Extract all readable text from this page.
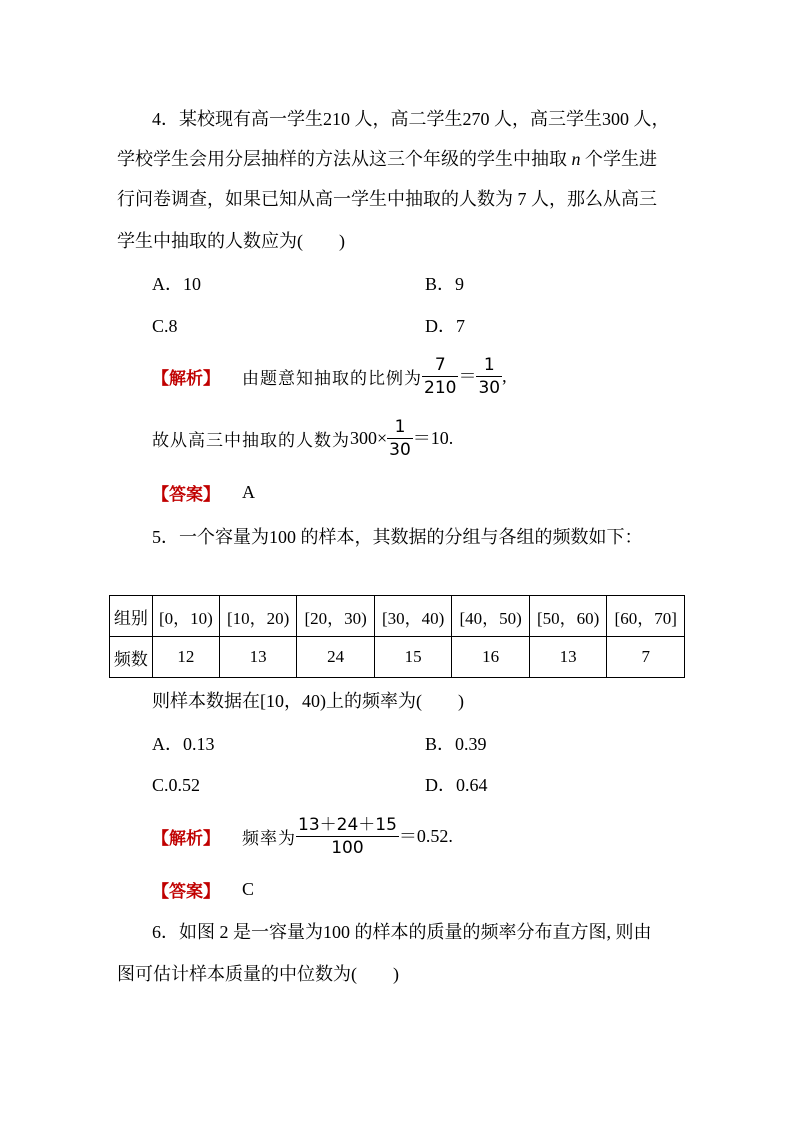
4．某校现有高一学生210 人，高二学生270 人，高三学生300 人，
学校学生会用分层抽样的方法从这三个年级的学生中抽取 n 个学生进
行问卷调查，如果已知从高一学生中抽取的人数为 7 人，那么从高三
学生中抽取的人数应为(　　)
A．10	B．9
C.8	D．7
【解析】 由题意知抽取的比例为 $\frac{7}{210} = \frac{1}{30}$ ,
故从高三中抽取的人数为 $300\times \frac{1}{30} =10$.
【答案】 A
5．一个容量为100 的样本，其数据的分组与各组的频数如下：
组别	[0，10)	[10，20)	[20，30)	[30，40)	[40，50)	[50，60)	[60，70]
频数	12	13	24	15	16	13	7
则样本数据在[10，40)上的频率为(　　)
A．0.13	B．0.39
C.0.52	D．0.64
【解析】 频率为 $\frac{13+24+15}{100} =0.52$.
【答案】 C
6．如图 2 是一容量为100 的样本的质量的频率分布直方图, 则由
图可估计样本质量的中位数为(　　)
